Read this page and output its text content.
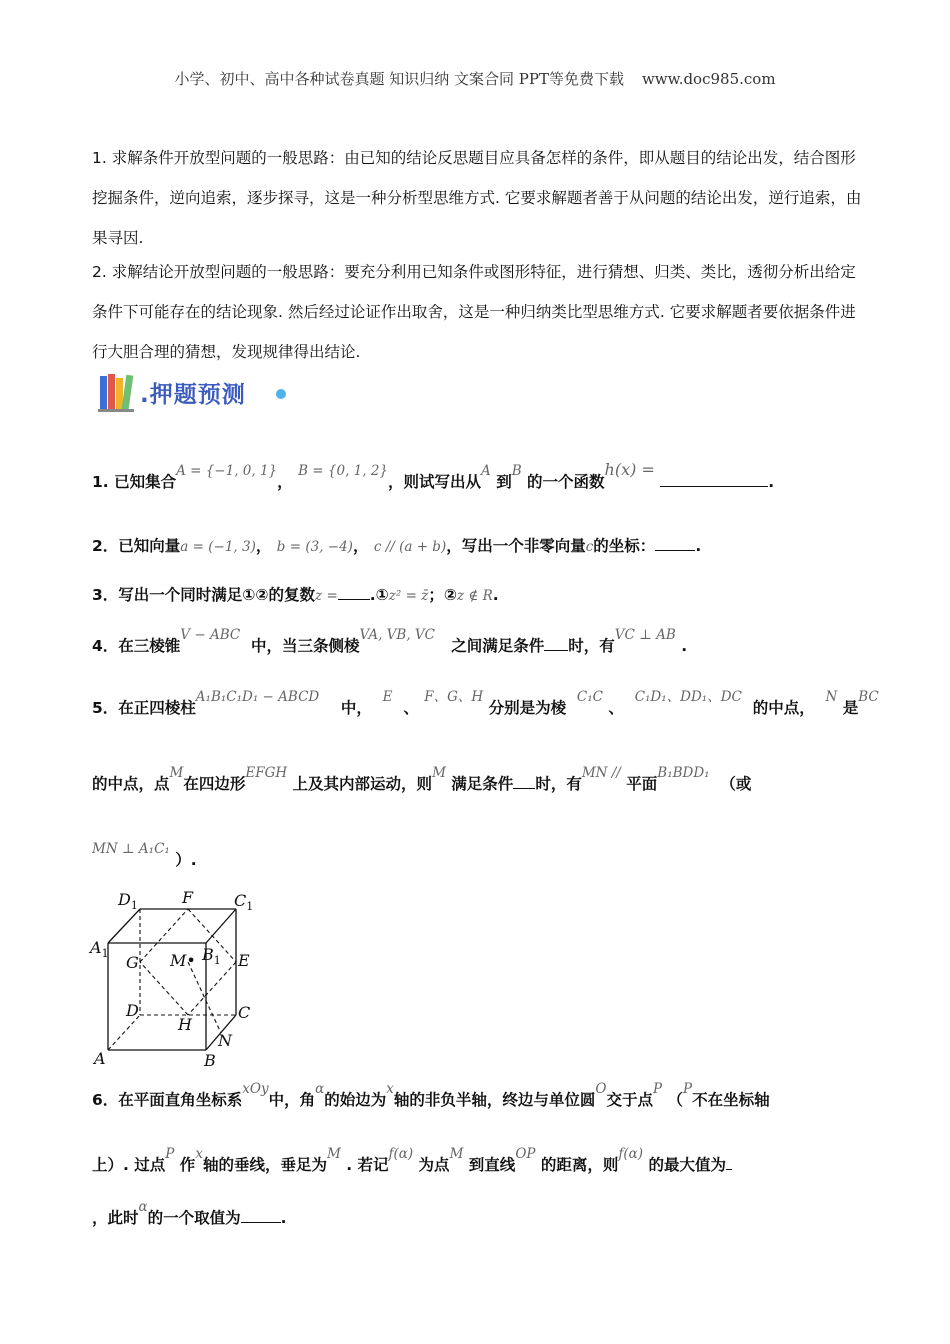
小学、初中、高中各种试卷真题 知识归纳 文案合同 PPT等免费下载 www.doc985.com
1. 求解条件开放型问题的一般思路：由已知的结论反思题目应具备怎样的条件，即从题目的结论出发，结合图形挖掘条件，逆向追索，逐步探寻，这是一种分析型思维方式. 它要求解题者善于从问题的结论出发，逆行追索，由果寻因.
2. 求解结论开放型问题的一般思路：要充分利用已知条件或图形特征，进行猜想、归类、类比，透彻分析出给定条件下可能存在的结论现象. 然后经过论证作出取舍，这是一种归纳类比型思维方式. 它要求解题者要依据条件进行大胆合理的猜想，发现规律得出结论.
.押题预测
1. 已知集合A = {−1, 0, 1}， B = {0, 1, 2}，则试写出从A 到B 的一个函数h(x) = .
2．已知向量a = (−1, 3)， b = (3, −4)， c // (a + b)，写出一个非零向量c的坐标：	.
3．写出一个同时满足①②的复数z = .①z² = z̄；②z ∉ R.
4．在三棱锥V − ABC  中，当三条侧棱VA, VB, VC   之间满足条件 时，有VC ⊥ AB .
5．在正四棱柱A₁B₁C₁D₁ − ABCD    中，  E  、 F、G、H 分别是为棱  C₁C 、  C₁D₁、DD₁、DC  的中点，  N 是BC
的中点，点M在四边形EFGH 上及其内部运动，则M 满足条件 时，有MN // 平面B₁BDD₁  （或
MN ⊥ A₁C₁ ）.
$D_1$	F	$C_1$
$A_1$ G M• $B_1$ E
D	C
H
N
A	B
6．在平面直角坐标系xOy中，角α的始边为x轴的非负半轴，终边与单位圆O交于点P （P不在坐标轴
上）. 过点P 作x轴的垂线，垂足为M . 若记f(α) 为点M 到直线OP 的距离，则f(α) 的最大值为
，此时α的一个取值为	.
